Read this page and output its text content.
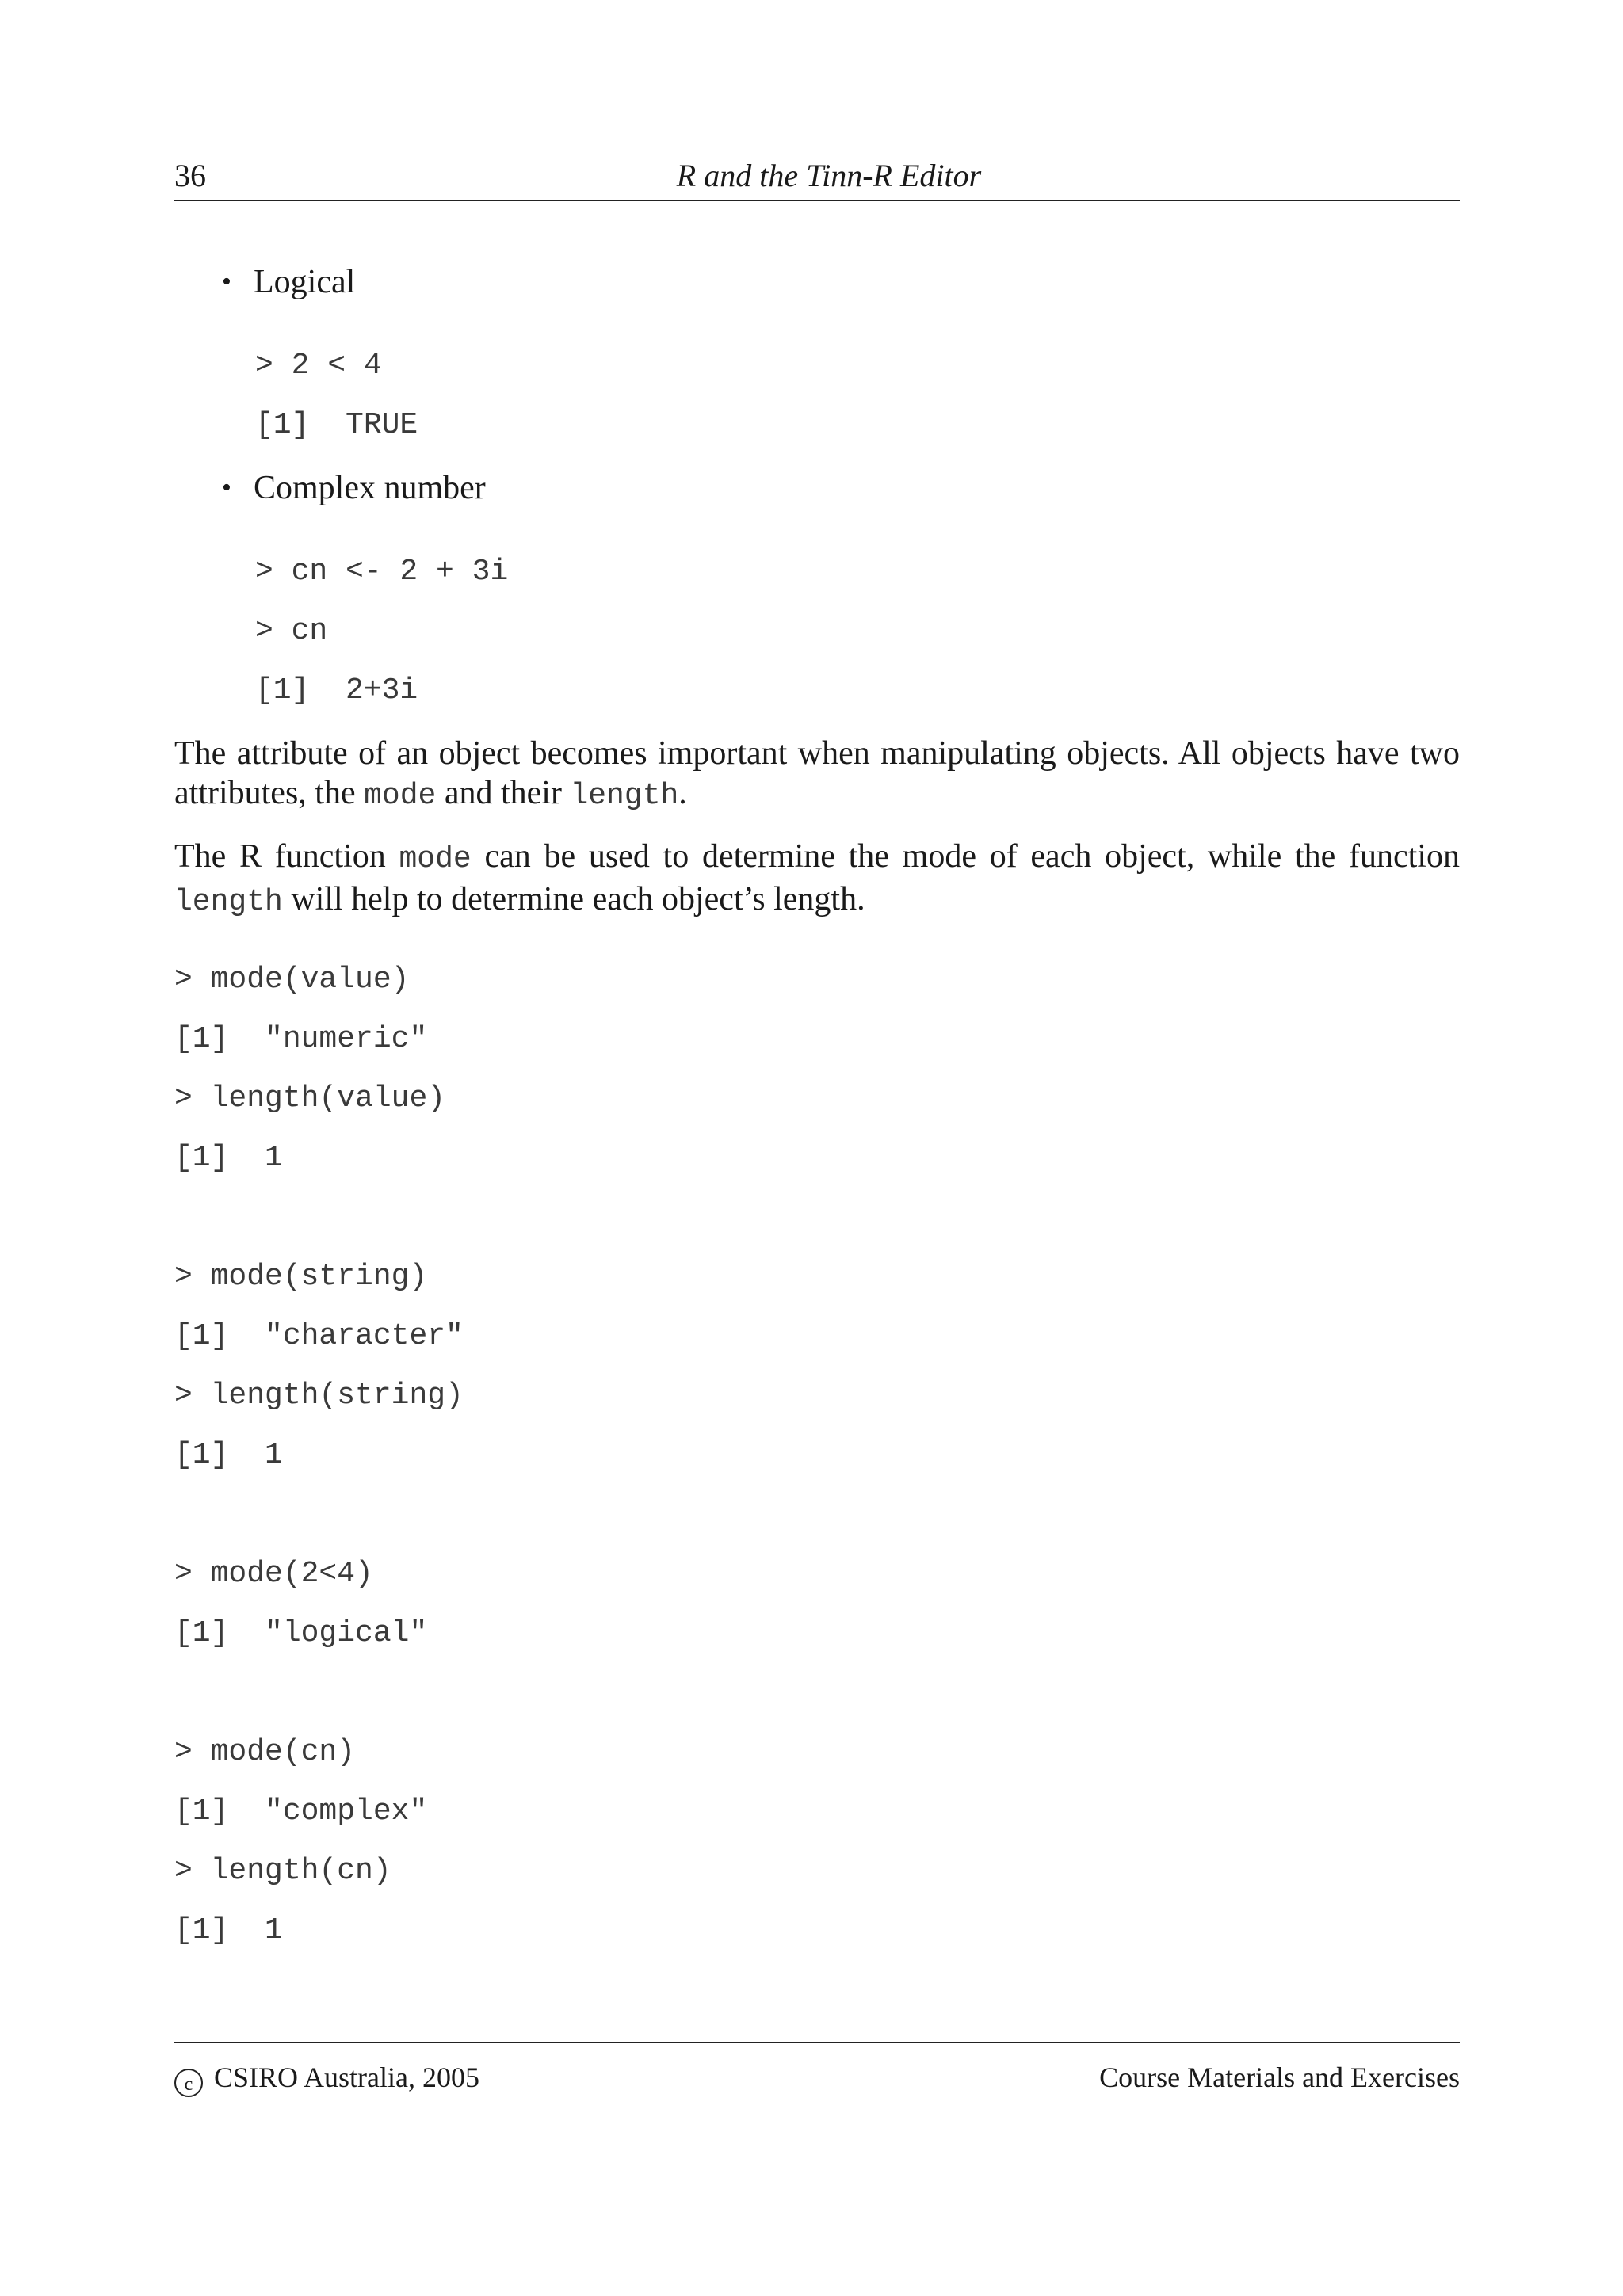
36	R and the Tinn-R Editor
• Logical
> 2 < 4
[1]  TRUE
• Complex number
> cn <- 2 + 3i
> cn
[1]  2+3i
The attribute of an object becomes important when manipulating objects. All objects have two attributes, the mode and their length.
The R function mode can be used to determine the mode of each object, while the function length will help to determine each object’s length.
> mode(value)
[1]  "numeric"
> length(value)
[1]  1
> mode(string)
[1]  "character"
> length(string)
[1]  1
> mode(2<4)
[1]  "logical"
> mode(cn)
[1]  "complex"
> length(cn)
[1]  1
c CSIRO Australia, 2005	Course Materials and Exercises
